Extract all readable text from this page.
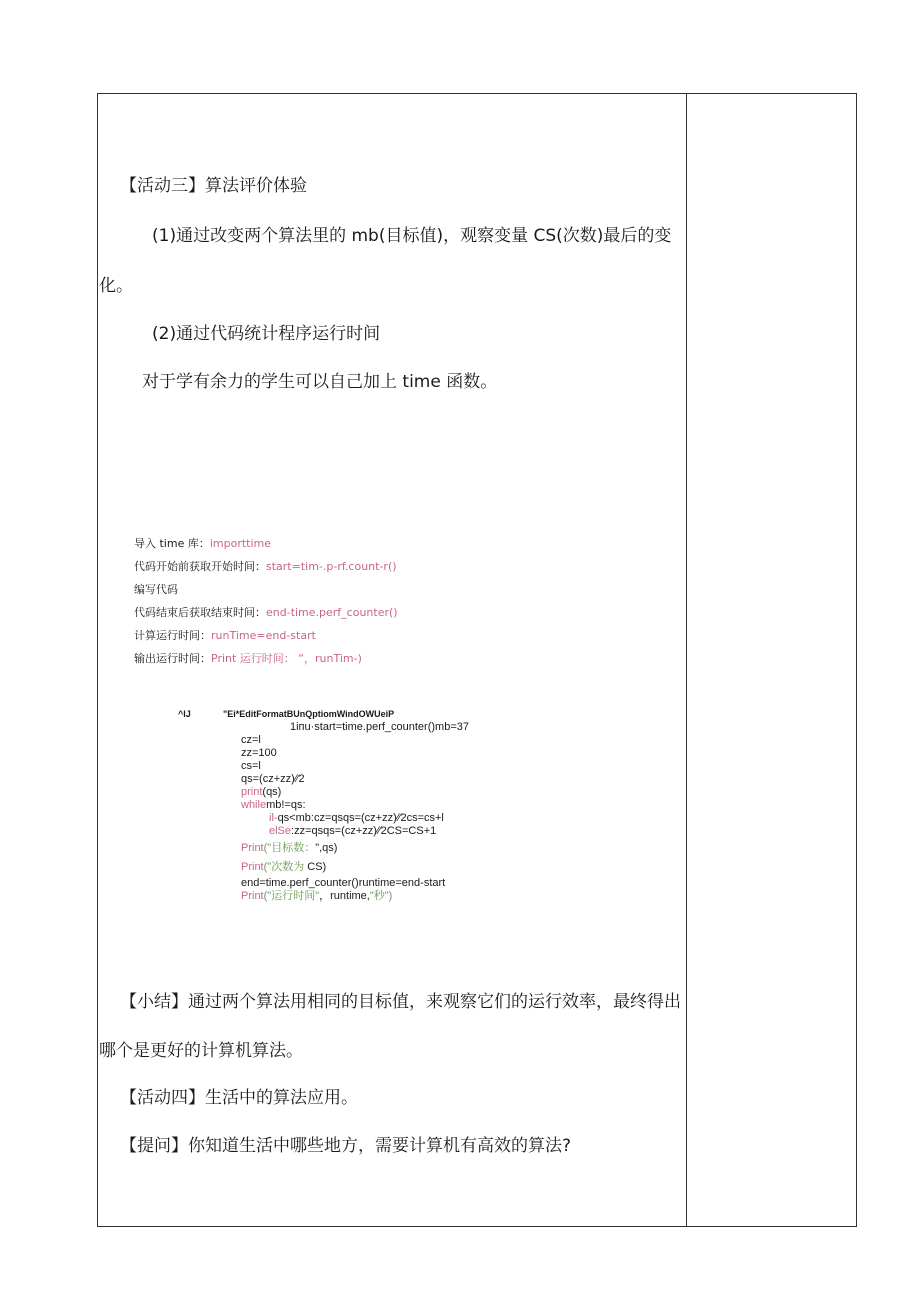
【活动三】算法评价体验
(1)通过改变两个算法里的 mb(目标值)，观察变量 CS(次数)最后的变
化。
(2)通过代码统计程序运行时间
对于学有余力的学生可以自己加上 time 函数。
导入 time 库：importtime
代码开始前获取开始时间：start=tim-.p-rf.count-r()
编写代码
代码结束后获取结束时间：end-time.perf_counter()
计算运行时间：runTime=end-start
输出运行时间：Print 运行时间： “，runTim-)
^IJ	"Ei*EditFormatBUnQptiomWindOWUeiP
1іпu·start=time.perf_counter()mb=37
cz=l
zz=100
cs=l
qs=(cz+zz)∕∕2
print(qs)
whilemb!=qs:
il-qs<mb:cz=qsqs=(cz+zz)∕∕2cs=cs+l
elSe:zz=qsqs=(cz+zz)∕∕2CS=CS+1
Print("目标数：",qs)
Print("次数为 CS)
end=time.perf_counter()runtime=end-start
Print("运行时间"，runtime,"秒")
【小结】通过两个算法用相同的目标值，来观察它们的运行效率，最终得出
哪个是更好的计算机算法。
【活动四】生活中的算法应用。
【提问】你知道生活中哪些地方，需要计算机有高效的算法?
